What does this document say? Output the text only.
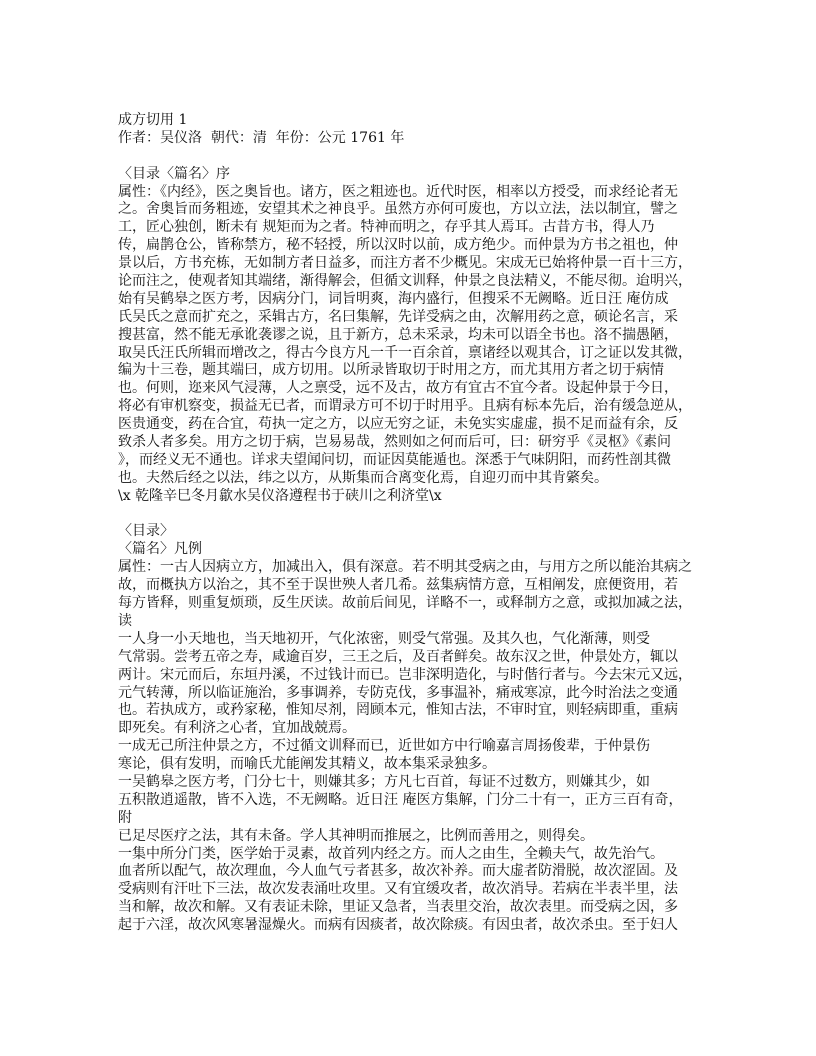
成方切用 1
作者：吴仪洛  朝代：清  年份：公元 1761 年
〈目录〈篇名〉序
属性：《内经》，医之奥旨也。诸方，医之粗迹也。近代时医，相率以方授受，而求经论者无
之。舍奥旨而务粗迹，安望其术之神良乎。虽然方亦何可废也，方以立法，法以制宜，譬之
工，匠心独创，断未有 规矩而为之者。特神而明之，存乎其人焉耳。古昔方书，得人乃
传，扁鹊仓公，皆称禁方，秘不轻授，所以汉时以前，成方绝少。而仲景为方书之祖也，仲
景以后，方书充栋，无如制方者日益多，而注方者不少概见。宋成无已始将仲景一百十三方，
论而注之，使观者知其端绪，渐得解会，但循文训释，仲景之良法精义，不能尽彻。迨明兴，
始有吴鹤皋之医方考，因病分门，词旨明爽，海内盛行，但搜采不无阙略。近日汪 庵仿成
氏吴氏之意而扩充之，采辑古方，名曰集解，先详受病之由，次解用药之意，硕论名言，采
搜甚富，然不能无承讹袭谬之说，且于新方，总未采录，均未可以语全书也。洛不揣愚陋，
取吴氏汪氏所辑而增改之，得古今良方凡一千一百余首，禀诸经以观其合，订之证以发其微，
编为十三卷，题其端曰，成方切用。以所录皆取切于时用之方，而尤其用方者之切于病情
也。何则，迩来风气浸薄，人之禀受，远不及古，故方有宜古不宜今者。设起仲景于今日，
将必有审机察变，损益无已者，而谓录方可不切于时用乎。且病有标本先后，治有缓急逆从，
医贵通变，药在合宜，苟执一定之方，以应无穷之证，未免实实虚虚，损不足而益有余，反
致杀人者多矣。用方之切于病，岂易易哉，然则如之何而后可，曰：研穷乎《灵枢》《素问
》，而经义无不通也。详求夫望闻问切，而证因莫能遁也。深悉于气味阴阳，而药性剖其微
也。夫然后经之以法，纬之以方，从斯集而合离变化焉，自迎刃而中其肯綮矣。
\x 乾隆辛巳冬月歙水吴仪洛遵程书于硖川之利济堂\x
〈目录〉
〈篇名〉凡例
属性：一古人因病立方，加减出入，俱有深意。若不明其受病之由，与用方之所以能治其病之
故，而概执方以治之，其不至于误世殃人者几希。兹集病情方意，互相阐发，庶便资用，若
每方皆释，则重复烦琐，反生厌读。故前后间见，详略不一，或释制方之意，或拟加减之法，
读
一人身一小天地也，当天地初开，气化浓密，则受气常强。及其久也，气化渐薄，则受
气常弱。尝考五帝之寿，咸逾百岁，三王之后，及百者鲜矣。故东汉之世，仲景处方，辄以
两计。宋元而后，东垣丹溪，不过钱计而已。岂非深明造化，与时偕行者与。今去宋元又远，
元气转薄，所以临证施治，多事调养，专防克伐，多事温补，痛戒寒凉，此今时治法之变通
也。若执成方，或矜家秘，惟知尽剂，罔顾本元，惟知古法，不审时宜，则轻病即重，重病
即死矣。有利济之心者，宜加战兢焉。
一成无己所注仲景之方，不过循文训释而已，近世如方中行喻嘉言周扬俊辈，于仲景伤
寒论，俱有发明，而喻氏尤能阐发其精义，故本集采录独多。
一吴鹤皋之医方考，门分七十，则嫌其多；方凡七百首，每证不过数方，则嫌其少，如
五积散逍遥散，皆不入选，不无阙略。近日汪 庵医方集解，门分二十有一，正方三百有奇，
附
已足尽医疗之法，其有未备。学人其神明而推展之，比例而善用之，则得矣。
一集中所分门类，医学始于灵素，故首列内经之方。而人之由生，全赖夫气，故先治气。
血者所以配气，故次理血，今人血气亏者甚多，故次补养。而大虚者防滑脱，故次涩固。及
受病则有汗吐下三法，故次发表涌吐攻里。又有宜缓攻者，故次消导。若病在半表半里，法
当和解，故次和解。又有表证未除，里证又急者，当表里交治，故次表里。而受病之因，多
起于六淫，故次风寒暑湿燥火。而病有因痰者，故次除痰。有因虫者，故次杀虫。至于妇人
